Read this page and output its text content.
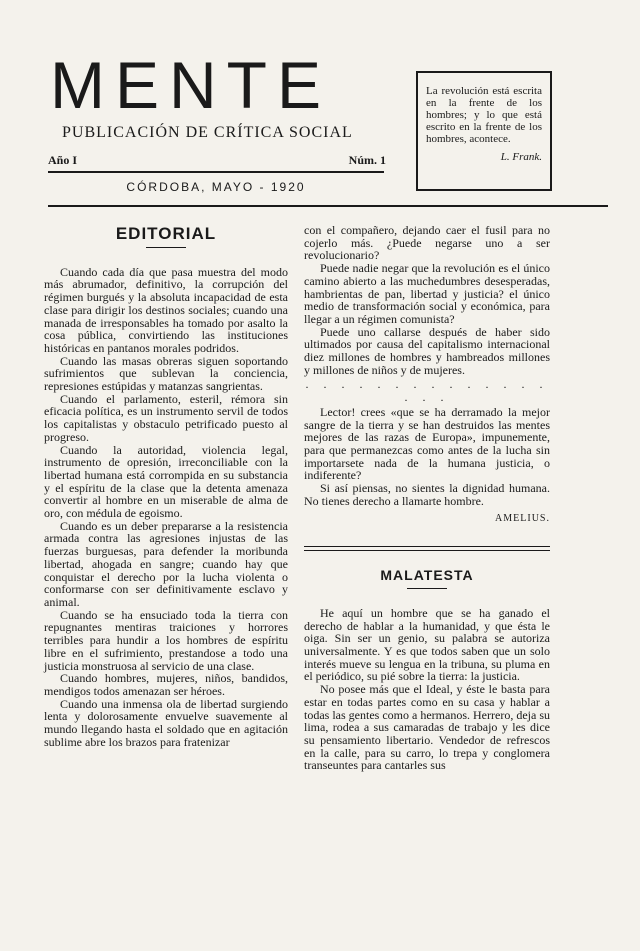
MENTE
PUBLICACIÓN DE CRÍTICA SOCIAL
Año I	Núm. 1
CÓRDOBA, MAYO - 1920
La revolución está escrita en la frente de los hombres; y lo que está escrito en la frente de los hombres, acontece.
L. Frank.
EDITORIAL

Cuando cada día que pasa muestra del modo más abrumador, definitivo, la corrupción del régimen burgués y la absoluta incapacidad de esta clase para dirigir los destinos sociales; cuando una manada de irresponsables ha tomado por asalto la cosa pública, convirtiendo las instituciones históricas en pantanos morales podridos.

Cuando las masas obreras siguen soportando sufrimientos que sublevan la conciencia, represiones estúpidas y matanzas sangrientas.

Cuando el parlamento, esteril, rémora sin eficacia política, es un instrumento servil de todos los capitalistas y obstaculo petrificado puesto al progreso.

Cuando la autoridad, violencia legal, instrumento de opresión, irreconciliable con la libertad humana está corrompida en su substancia y el espíritu de la clase que la detenta amenaza convertir al hombre en un miserable de alma de oro, con médula de egoismo.

Cuando es un deber prepararse a la resistencia armada contra las agresiones injustas de las fuerzas burguesas, para defender la moribunda libertad, ahogada en sangre; cuando hay que conquistar el derecho por la lucha violenta o conformarse con ser definitivamente esclavo y animal.

Cuando se ha ensuciado toda la tierra con repugnantes mentiras traiciones y horrores terribles para hundir a los hombres de espíritu libre en el sufrimiento, prestandose a todo una justicia monstruosa al servicio de una clase.

Cuando hombres, mujeres, niños, bandidos, mendigos todos amenazan ser héroes.

Cuando una inmensa ola de libertad surgiendo lenta y dolorosamente envuelve suavemente al mundo llegando hasta el soldado que en agitación sublime abre los brazos para fratenizar

con el compañero, dejando caer el fusil para no cojerlo más. ¿Puede negarse uno a ser revolucionario?

Puede nadie negar que la revolución es el único camino abierto a las muchedumbres desesperadas, hambrientas de pan, libertad y justicia? el único medio de transformación social y económica, para llegar a un régimen comunista?

Puede uno callarse después de haber sido ultimados por causa del capitalismo internacional diez millones de hombres y hambreados millones y millones de niños y de mujeres.

. . . . . . . . . . . . . . . . .

Lector! crees «que se ha derramado la mejor sangre de la tierra y se han destruidos las mentes mejores de las razas de Europa», impunemente, para que permanezcas como antes de la lucha sin importarsete nada de la humana justicia, o indiferente?

Si así piensas, no sientes la dignidad humana. No tienes derecho a llamarte hombre.

AMELIUS.
MALATESTA

He aquí un hombre que se ha ganado el derecho de hablar a la humanidad, y que ésta le oiga. Sin ser un genio, su palabra se autoriza universalmente. Y es que todos saben que un solo interés mueve su lengua en la tribuna, su pluma en el periódico, su pié sobre la tierra: la justicia.

No posee más que el Ideal, y éste le basta para estar en todas partes como en su casa y hablar a todas las gentes como a hermanos. Herrero, deja su lima, rodea a sus camaradas de trabajo y les dice su pensamiento libertario. Vendedor de refrescos en la calle, para su carro, lo trepa y conglomera transeuntes para cantarles sus
